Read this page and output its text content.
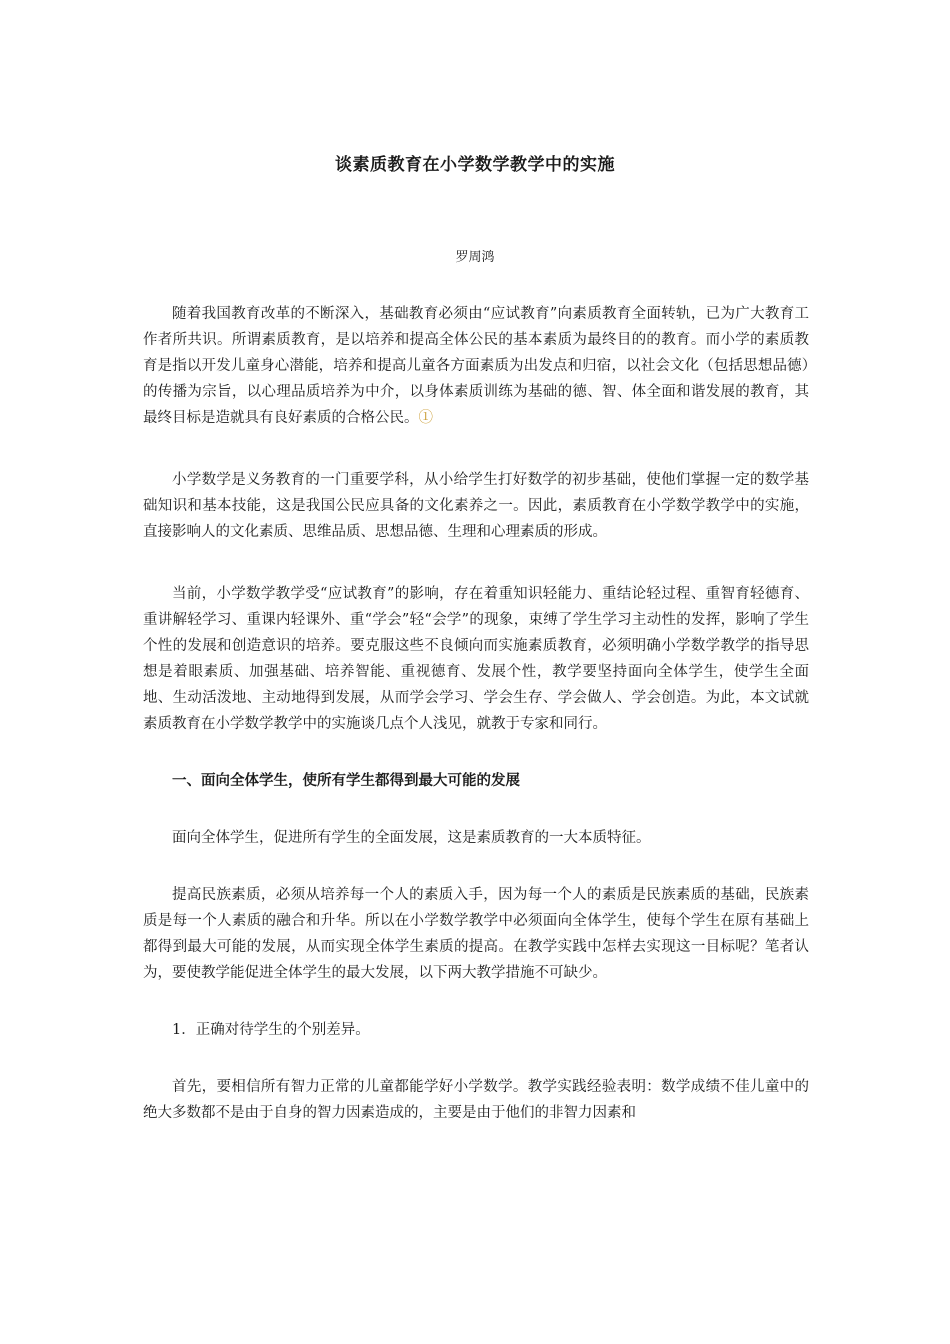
谈素质教育在小学数学教学中的实施
罗周鸿

随着我国教育改革的不断深入，基础教育必须由“应试教育”向素质教育全面转轨，已为广大教育工作者所共识。所谓素质教育，是以培养和提高全体公民的基本素质为最终目的的教育。而小学的素质教育是指以开发儿童身心潜能，培养和提高儿童各方面素质为出发点和归宿，以社会文化（包括思想品德）的传播为宗旨，以心理品质培养为中介，以身体素质训练为基础的德、智、体全面和谐发展的教育，其最终目标是造就具有良好素质的合格公民。①

小学数学是义务教育的一门重要学科，从小给学生打好数学的初步基础，使他们掌握一定的数学基础知识和基本技能，这是我国公民应具备的文化素养之一。因此，素质教育在小学数学教学中的实施，直接影响人的文化素质、思维品质、思想品德、生理和心理素质的形成。

当前，小学数学教学受“应试教育”的影响，存在着重知识轻能力、重结论轻过程、重智育轻德育、重讲解轻学习、重课内轻课外、重“学会”轻“会学”的现象，束缚了学生学习主动性的发挥，影响了学生个性的发展和创造意识的培养。要克服这些不良倾向而实施素质教育，必须明确小学数学教学的指导思想是着眼素质、加强基础、培养智能、重视德育、发展个性，教学要坚持面向全体学生，使学生全面地、生动活泼地、主动地得到发展，从而学会学习、学会生存、学会做人、学会创造。为此，本文试就素质教育在小学数学教学中的实施谈几点个人浅见，就教于专家和同行。

一、面向全体学生，使所有学生都得到最大可能的发展

面向全体学生，促进所有学生的全面发展，这是素质教育的一大本质特征。

提高民族素质，必须从培养每一个人的素质入手，因为每一个人的素质是民族素质的基础，民族素质是每一个人素质的融合和升华。所以在小学数学教学中必须面向全体学生，使每个学生在原有基础上都得到最大可能的发展，从而实现全体学生素质的提高。在教学实践中怎样去实现这一目标呢？笔者认为，要使教学能促进全体学生的最大发展，以下两大教学措施不可缺少。

1．正确对待学生的个别差异。

首先，要相信所有智力正常的儿童都能学好小学数学。教学实践经验表明：数学成绩不佳儿童中的绝大多数都不是由于自身的智力因素造成的，主要是由于他们的非智力因素和
